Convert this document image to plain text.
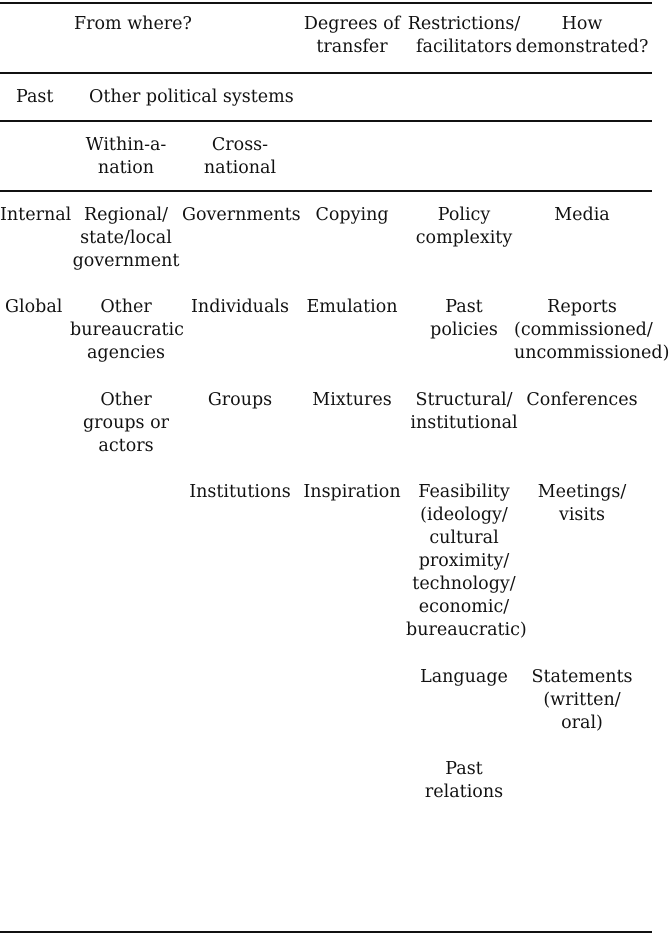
From where?	Degrees of
transfer
Restrictions/
facilitators
How
demonstrated?
Past Other political systems
Within-a-
nation
Cross-
national
Internal
Global
Regional/
state/local
government
Other
bureaucratic
agencies
Other
groups or
actors
Governments
Individuals
Groups
Institutions
Copying
Emulation
Mixtures
Inspiration
Policy
complexity
Past
policies
Structural/
institutional
Feasibility
(ideology/
cultural
proximity/
technology/
economic/
bureaucratic)
Language
Past
relations
Media
Reports
(commissioned/
uncommissioned)
Conferences
Meetings/
visits
Statements
(written/
oral)
